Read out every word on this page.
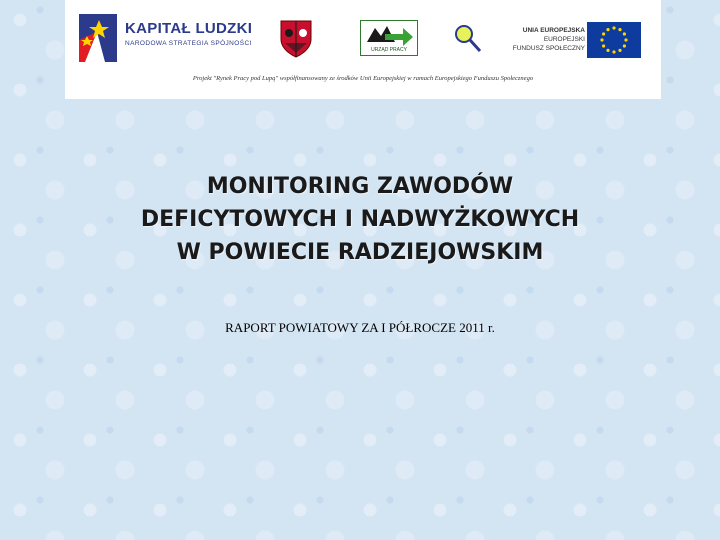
KAPITAŁ LUDZKI
NARODOWA STRATEGIA SPÓJNOŚCI
URZĄD PRACY
UNIA EUROPEJSKA
EUROPEJSKI
FUNDUSZ SPOŁECZNY
Projekt "Rynek Pracy pod Lupą" współfinansowany ze środków Unii Europejskiej w ramach Europejskiego Funduszu Społecznego
MONITORING ZAWODÓW
DEFICYTOWYCH I NADWYŻKOWYCH
W POWIECIE RADZIEJOWSKIM
RAPORT POWIATOWY ZA I PÓŁROCZE 2011 r.
